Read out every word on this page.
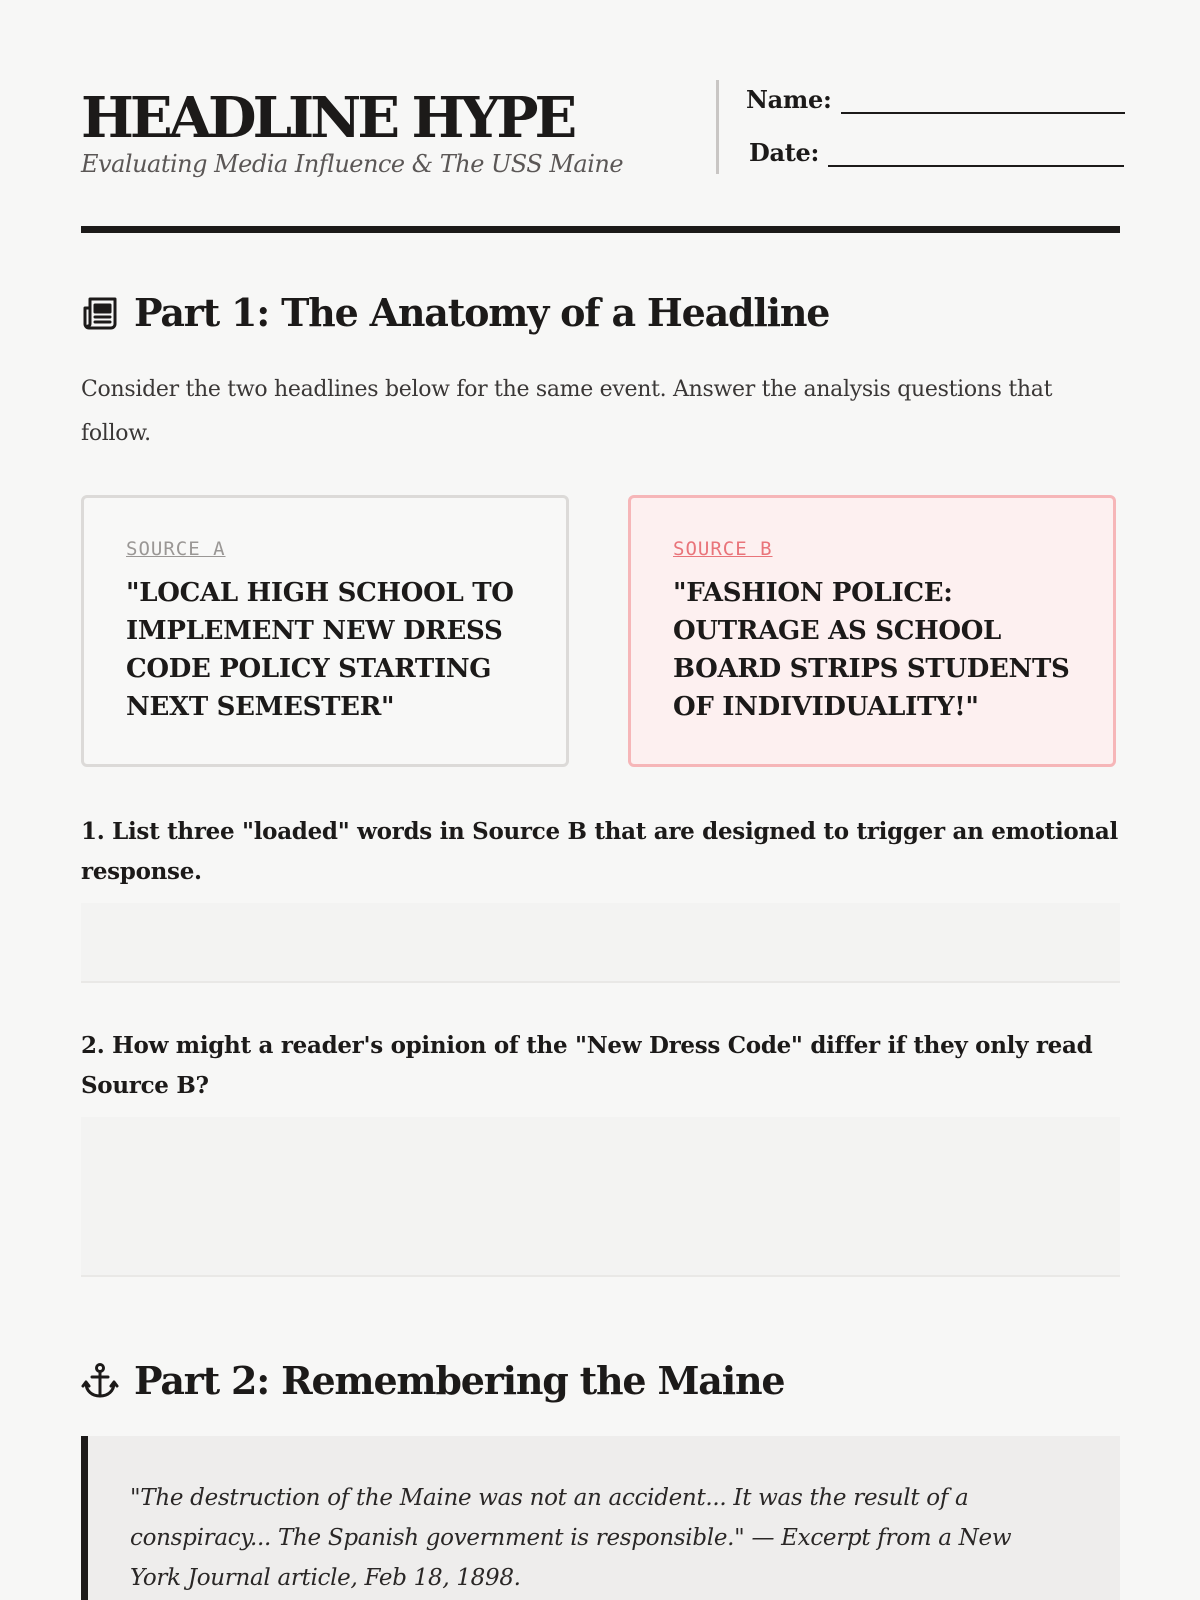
HEADLINE HYPE
Evaluating Media Influence & The USS Maine
Name:
Date:
Part 1: The Anatomy of a Headline
Consider the two headlines below for the same event. Answer the analysis questions that follow.
SOURCE A
"LOCAL HIGH SCHOOL TO IMPLEMENT NEW DRESS CODE POLICY STARTING NEXT SEMESTER"
SOURCE B
"FASHION POLICE: OUTRAGE AS SCHOOL BOARD STRIPS STUDENTS OF INDIVIDUALITY!"
1. List three "loaded" words in Source B that are designed to trigger an emotional response.
2. How might a reader's opinion of the "New Dress Code" differ if they only read Source B?
Part 2: Remembering the Maine
"The destruction of the Maine was not an accident... It was the result of a conspiracy... The Spanish government is responsible." — Excerpt from a New York Journal article, Feb 18, 1898.
